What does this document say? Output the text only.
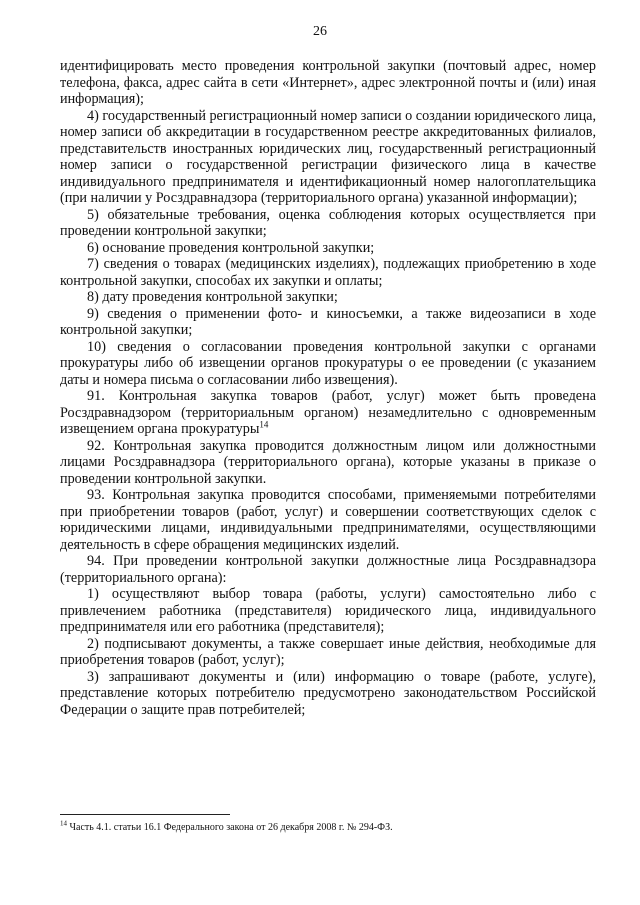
26

идентифицировать место проведения контрольной закупки (почтовый адрес, номер телефона, факса, адрес сайта в сети «Интернет», адрес электронной почты и (или) иная информация);

4) государственный регистрационный номер записи о создании юридического лица, номер записи об аккредитации в государственном реестре аккредитованных филиалов, представительств иностранных юридических лиц, государственный регистрационный номер записи о государственной регистрации физического лица в качестве индивидуального предпринимателя и идентификационный номер налогоплательщика (при наличии у Росздравнадзора (территориального органа) указанной информации);

5) обязательные требования, оценка соблюдения которых осуществляется при проведении контрольной закупки;

6) основание проведения контрольной закупки;

7) сведения о товарах (медицинских изделиях), подлежащих приобретению в ходе контрольной закупки, способах их закупки и оплаты;

8) дату проведения контрольной закупки;

9) сведения о применении фото- и киносъемки, а также видеозаписи в ходе контрольной закупки;

10) сведения о согласовании проведения контрольной закупки с органами прокуратуры либо об извещении органов прокуратуры о ее проведении (с указанием даты и номера письма о согласовании либо извещения).

91. Контрольная закупка товаров (работ, услуг) может быть проведена Росздравнадзором (территориальным органом) незамедлительно с одновременным извещением органа прокуратуры$^{14}$

92. Контрольная закупка проводится должностным лицом или должностными лицами Росздравнадзора (территориального органа), которые указаны в приказе о проведении контрольной закупки.

93. Контрольная закупка проводится способами, применяемыми потребителями при приобретении товаров (работ, услуг) и совершении соответствующих сделок с юридическими лицами, индивидуальными предпринимателями, осуществляющими деятельность в сфере обращения медицинских изделий.

94. При проведении контрольной закупки должностные лица Росздравнадзора (территориального органа):

1) осуществляют выбор товара (работы, услуги) самостоятельно либо с привлечением работника (представителя) юридического лица, индивидуального предпринимателя или его работника (представителя);

2) подписывают документы, а также совершает иные действия, необходимые для приобретения товаров (работ, услуг);

3) запрашивают документы и (или) информацию о товаре (работе, услуге), представление которых потребителю предусмотрено законодательством Российской Федерации о защите прав потребителей;

$^{14}$ Часть 4.1. статьи 16.1 Федерального закона от 26 декабря 2008 г. № 294-ФЗ.
